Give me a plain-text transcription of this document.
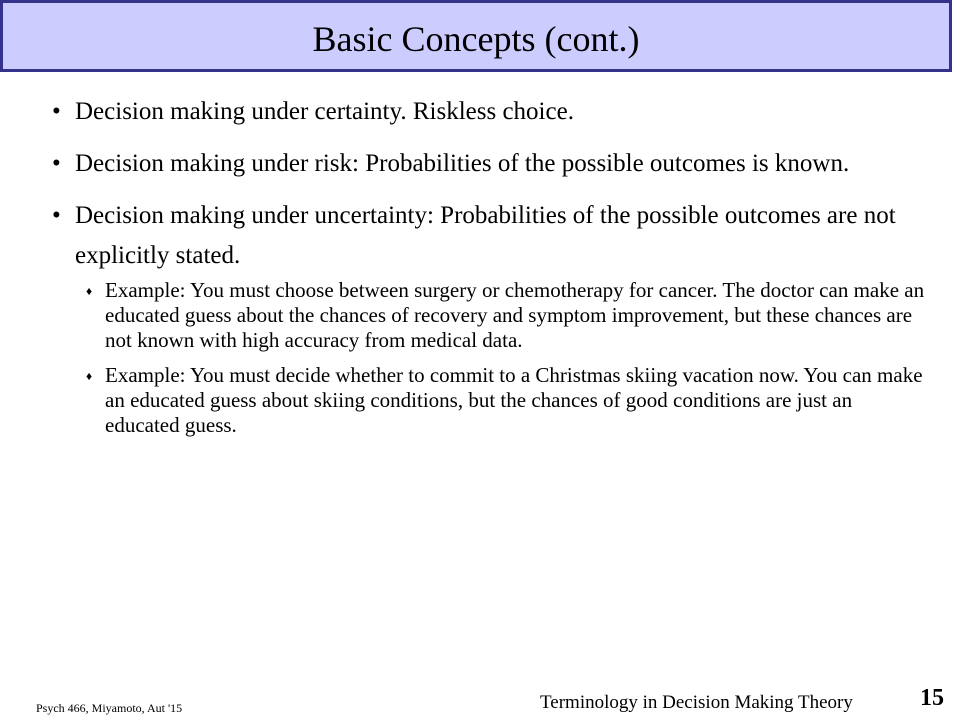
Basic Concepts (cont.)
• Decision making under certainty. Riskless choice.
• Decision making under risk: Probabilities of the possible outcomes is known.
• Decision making under uncertainty: Probabilities of the possible outcomes are not explicitly stated.
♦ Example: You must choose between surgery or chemotherapy for cancer. The doctor can make an educated guess about the chances of recovery and symptom improvement, but these chances are not known with high accuracy from medical data.
♦ Example: You must decide whether to commit to a Christmas skiing vacation now. You can make an educated guess about skiing conditions, but the chances of good conditions are just an educated guess.
Psych 466, Miyamoto, Aut '15	Terminology in Decision Making Theory	15
